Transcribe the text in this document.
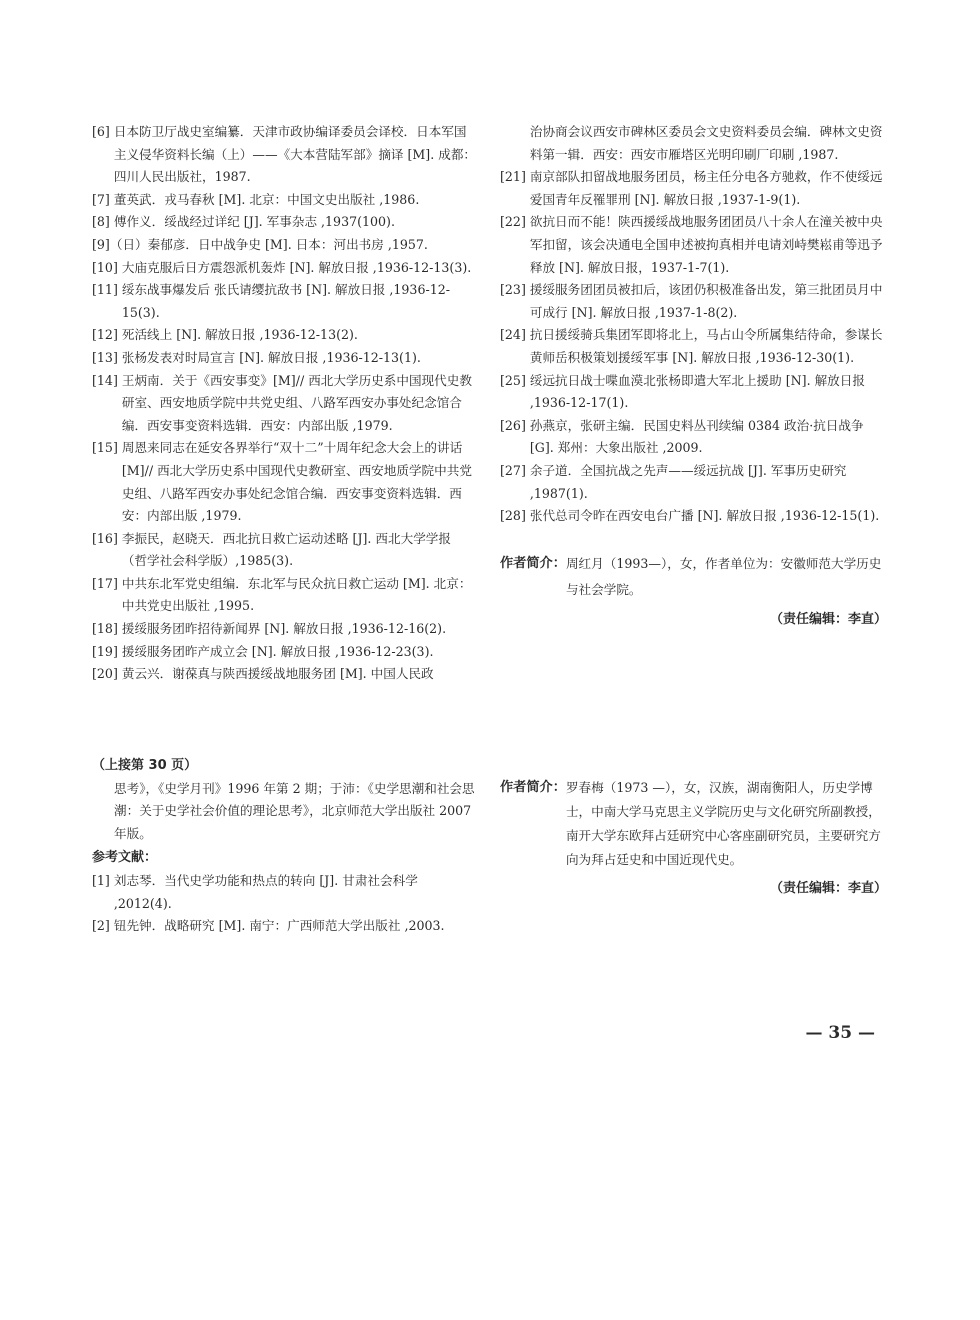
[6] 日本防卫厅战史室编纂．天津市政协编译委员会译校．日本军国主义侵华资料长编（上）——《大本营陆军部》摘译 [M]. 成都：四川人民出版社，1987.
[7] 董英武．戎马春秋 [M]. 北京：中国文史出版社 ,1986.
[8] 傅作义．绥战经过详纪 [J]. 军事杂志 ,1937(100).
[9] （日）秦郁彦．日中战争史 [M]. 日本：河出书房 ,1957.
[10] 大庙克服后日方震怨派机轰炸 [N]. 解放日报 ,1936-12-13(3).
[11] 绥东战事爆发后 张氏请缨抗敌书 [N]. 解放日报 ,1936-12-15(3).
[12] 死活线上 [N]. 解放日报 ,1936-12-13(2).
[13] 张杨发表对时局宣言 [N]. 解放日报 ,1936-12-13(1).
[14] 王炳南．关于《西安事变》[M]// 西北大学历史系中国现代史教研室、西安地质学院中共党史组、八路军西安办事处纪念馆合编．西安事变资料选辑．西安：内部出版 ,1979.
[15] 周恩来同志在延安各界举行“双十二”十周年纪念大会上的讲话 [M]// 西北大学历史系中国现代史教研室、西安地质学院中共党史组、八路军西安办事处纪念馆合编．西安事变资料选辑．西安：内部出版 ,1979.
[16] 李振民，赵晓天．西北抗日救亡运动述略 [J]. 西北大学学报（哲学社会科学版）,1985(3).
[17] 中共东北军党史组编．东北军与民众抗日救亡运动 [M]. 北京：中共党史出版社 ,1995.
[18] 援绥服务团昨招待新闻界 [N]. 解放日报 ,1936-12-16(2).
[19] 援绥服务团昨产成立会 [N]. 解放日报 ,1936-12-23(3).
[20] 黄云兴．谢葆真与陕西援绥战地服务团 [M]. 中国人民政
治协商会议西安市碑林区委员会文史资料委员会编．碑林文史资料第一辑．西安：西安市雁塔区光明印刷厂印刷 ,1987.
[21] 南京部队扣留战地服务团员，杨主任分电各方驰救，作不使绥远爱国青年反罹罪刑 [N]. 解放日报 ,1937-1-9(1).
[22] 欲抗日而不能！陕西援绥战地服务团团员八十余人在潼关被中央军扣留，该会决通电全国申述被拘真相并电请刘峙樊崧甫等迅予释放 [N]. 解放日报，1937-1-7(1).
[23] 援绥服务团团员被扣后，该团仍积极准备出发，第三批团员月中可成行 [N]. 解放日报 ,1937-1-8(2).
[24] 抗日援绥骑兵集团军即将北上，马占山令所属集结待命，参谋长黄师岳积极策划援绥军事 [N]. 解放日报 ,1936-12-30(1).
[25] 绥远抗日战士喋血漠北张杨即遣大军北上援助 [N]. 解放日报 ,1936-12-17(1).
[26] 孙燕京，张研主编．民国史料丛刊续编 0384 政治·抗日战争 [G]. 郑州：大象出版社 ,2009.
[27] 余子道．全国抗战之先声——绥远抗战 [J]. 军事历史研究 ,1987(1).
[28] 张代总司令昨在西安电台广播 [N]. 解放日报 ,1936-12-15(1).
作者简介： 周红月（1993—），女，作者单位为：安徽师范大学历史与社会学院。
（责任编辑：李直）
（上接第 30 页）
思考》，《史学月刊》1996 年第 2 期；于沛：《史学思潮和社会思潮：关于史学社会价值的理论思考》，北京师范大学出版社 2007 年版。
参考文献：
[1] 刘志琴．当代史学功能和热点的转向 [J]. 甘肃社会科学 ,2012(4).
[2] 钮先钟．战略研究 [M]. 南宁：广西师范大学出版社 ,2003.
作者简介： 罗春梅（1973 —），女，汉族，湖南衡阳人，历史学博士，中南大学马克思主义学院历史与文化研究所副教授，南开大学东欧拜占廷研究中心客座副研究员，主要研究方向为拜占廷史和中国近现代史。
（责任编辑：李直）
— 35 —
